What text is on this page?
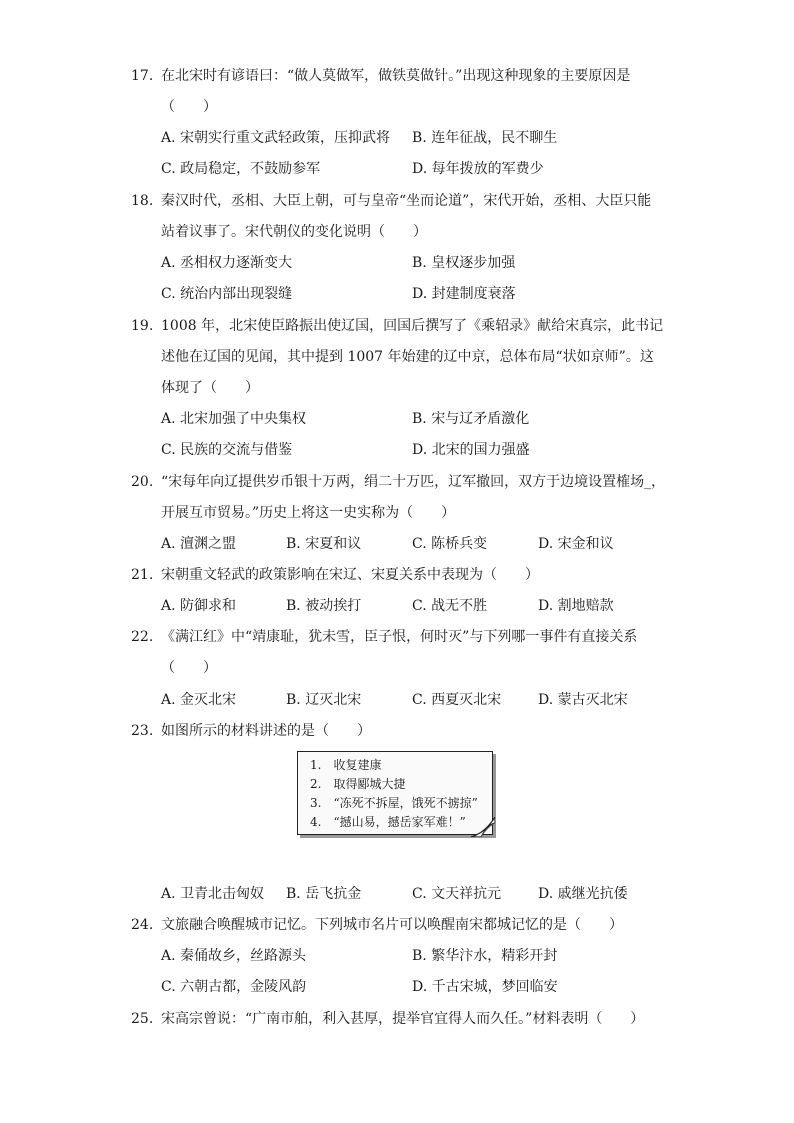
17. 在北宋时有谚语曰：“做人莫做军，做铁莫做针。”出现这种现象的主要原因是
（　　）
A. 宋朝实行重文武轻政策，压抑武将 B. 连年征战，民不聊生
C. 政局稳定，不鼓励参军	D. 每年拨放的军费少
18. 秦汉时代，丞相、大臣上朝，可与皇帝“坐而论道”，宋代开始，丞相、大臣只能
站着议事了。宋代朝仪的变化说明（　　）
A. 丞相权力逐渐变大	B. 皇权逐步加强
C. 统治内部出现裂缝	D. 封建制度衰落
19. 1008 年，北宋使臣路振出使辽国，回国后撰写了《乘轺录》献给宋真宗，此书记
述他在辽国的见闻，其中提到 1007 年始建的辽中京，总体布局“状如京师”。这
体现了（　　）
A. 北宋加强了中央集权	B. 宋与辽矛盾激化
C. 民族的交流与借鉴	D. 北宋的国力强盛
20. “宋每年向辽提供岁币银十万两，绢二十万匹，辽军撤回，双方于边境设置榷场_，
开展互市贸易。”历史上将这一史实称为（　　）
A. 澶渊之盟	B. 宋夏和议	C. 陈桥兵变	D. 宋金和议
21. 宋朝重文轻武的政策影响在宋辽、宋夏关系中表现为（　　）
A. 防御求和	B. 被动挨打	C. 战无不胜	D. 割地赔款
22. 《满江红》中“靖康耻，犹未雪，臣子恨，何时灭”与下列哪一事件有直接关系
（　　）
A. 金灭北宋	B. 辽灭北宋	C. 西夏灭北宋	D. 蒙古灭北宋
23. 如图所示的材料讲述的是（　　）
1.　收复建康
2.　取得郾城大捷
3.　“冻死不拆屋，饿死不掳掠”
4.　“撼山易，撼岳家军难！”
A. 卫青北击匈奴 B. 岳飞抗金	C. 文天祥抗元	D. 戚继光抗倭
24. 文旅融合唤醒城市记忆。下列城市名片可以唤醒南宋都城记忆的是（　　）
A. 秦俑故乡，丝路源头	B. 繁华汴水，精彩开封
C. 六朝古都，金陵风韵	D. 千古宋城，梦回临安
25. 宋高宗曾说：“广南市舶，利入甚厚，提举官宜得人而久任。”材料表明（　　）
